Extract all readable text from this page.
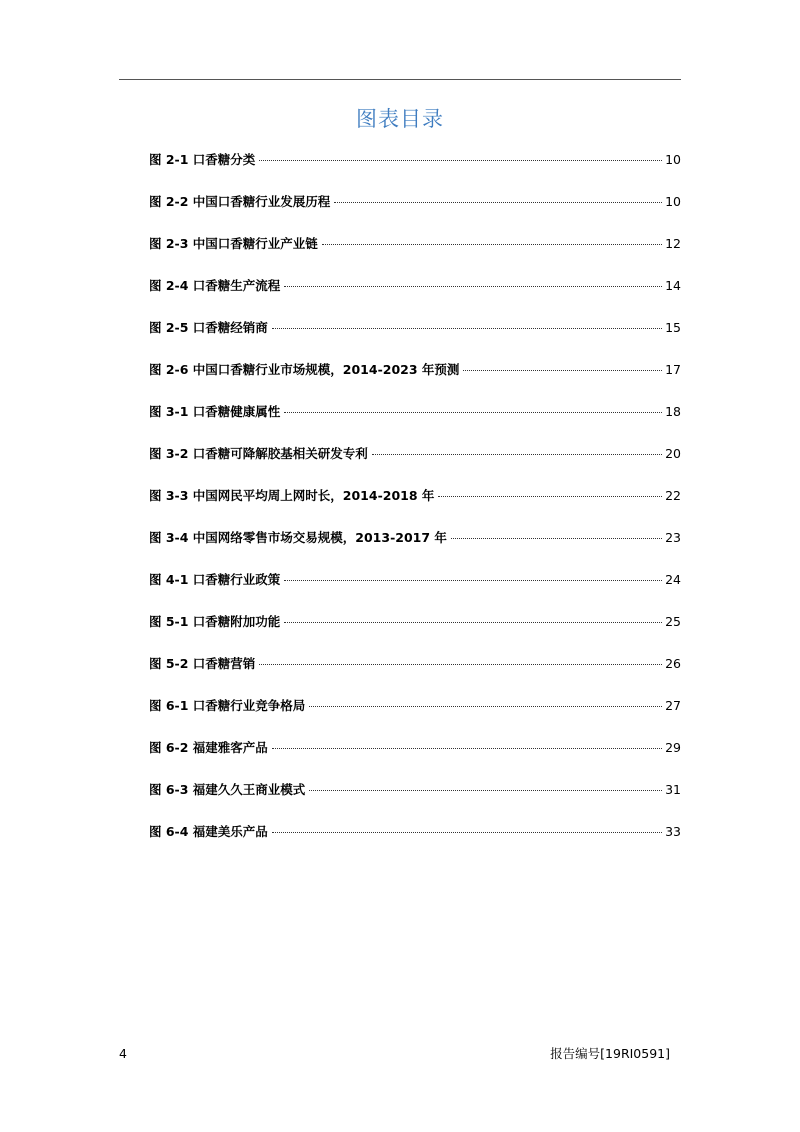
图表目录
图 2-1 口香糖分类	10
图 2-2 中国口香糖行业发展历程	10
图 2-3 中国口香糖行业产业链	12
图 2-4 口香糖生产流程	14
图 2-5 口香糖经销商	15
图 2-6 中国口香糖行业市场规模，2014-2023 年预测	17
图 3-1 口香糖健康属性	18
图 3-2 口香糖可降解胶基相关研发专利	20
图 3-3 中国网民平均周上网时长，2014-2018 年	22
图 3-4 中国网络零售市场交易规模，2013-2017 年	23
图 4-1 口香糖行业政策	24
图 5-1 口香糖附加功能	25
图 5-2 口香糖营销	26
图 6-1 口香糖行业竞争格局	27
图 6-2 福建雅客产品	29
图 6-3 福建久久王商业模式	31
图 6-4 福建美乐产品	33
4	报告编号[19RI0591]
